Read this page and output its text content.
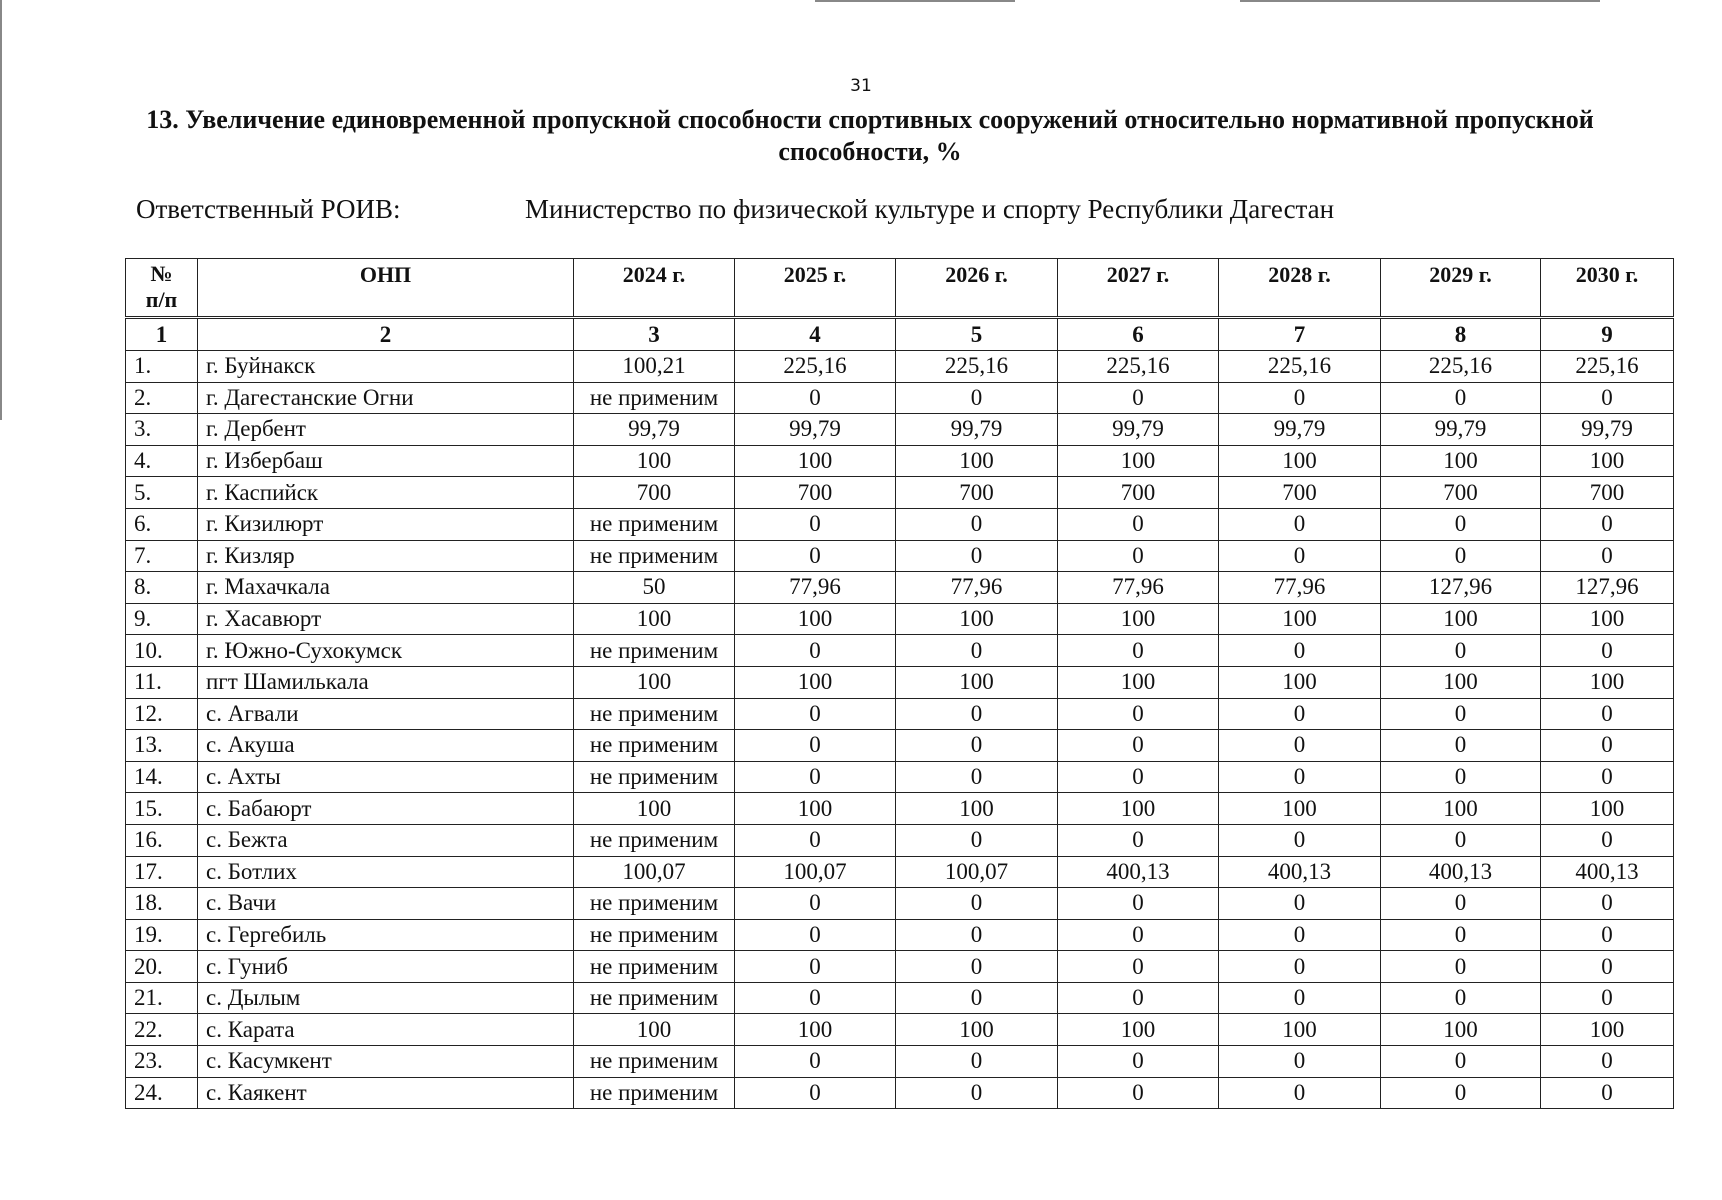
31
13. Увеличение единовременной пропускной способности спортивных сооружений относительно нормативной пропускной способности, %
Ответственный РОИВ:	Министерство по физической культуре и спорту Республики Дагестан
№
п/п	ОНП	2024 г.	2025 г.	2026 г.	2027 г.	2028 г.	2029 г.	2030 г.
1	2	3	4	5	6	7	8	9
1.	г. Буйнакск	100,21	225,16	225,16	225,16	225,16	225,16	225,16
2.	г. Дагестанские Огни	не применим	0	0	0	0	0	0
3.	г. Дербент	99,79	99,79	99,79	99,79	99,79	99,79	99,79
4.	г. Избербаш	100	100	100	100	100	100	100
5.	г. Каспийск	700	700	700	700	700	700	700
6.	г. Кизилюрт	не применим	0	0	0	0	0	0
7.	г. Кизляр	не применим	0	0	0	0	0	0
8.	г. Махачкала	50	77,96	77,96	77,96	77,96	127,96	127,96
9.	г. Хасавюрт	100	100	100	100	100	100	100
10.	г. Южно-Сухокумск	не применим	0	0	0	0	0	0
11.	пгт Шамилькала	100	100	100	100	100	100	100
12.	с. Агвали	не применим	0	0	0	0	0	0
13.	с. Акуша	не применим	0	0	0	0	0	0
14.	с. Ахты	не применим	0	0	0	0	0	0
15.	с. Бабаюрт	100	100	100	100	100	100	100
16.	с. Бежта	не применим	0	0	0	0	0	0
17.	с. Ботлих	100,07	100,07	100,07	400,13	400,13	400,13	400,13
18.	с. Вачи	не применим	0	0	0	0	0	0
19.	с. Гергебиль	не применим	0	0	0	0	0	0
20.	с. Гуниб	не применим	0	0	0	0	0	0
21.	с. Дылым	не применим	0	0	0	0	0	0
22.	с. Карата	100	100	100	100	100	100	100
23.	с. Касумкент	не применим	0	0	0	0	0	0
24.	с. Каякент	не применим	0	0	0	0	0	0
